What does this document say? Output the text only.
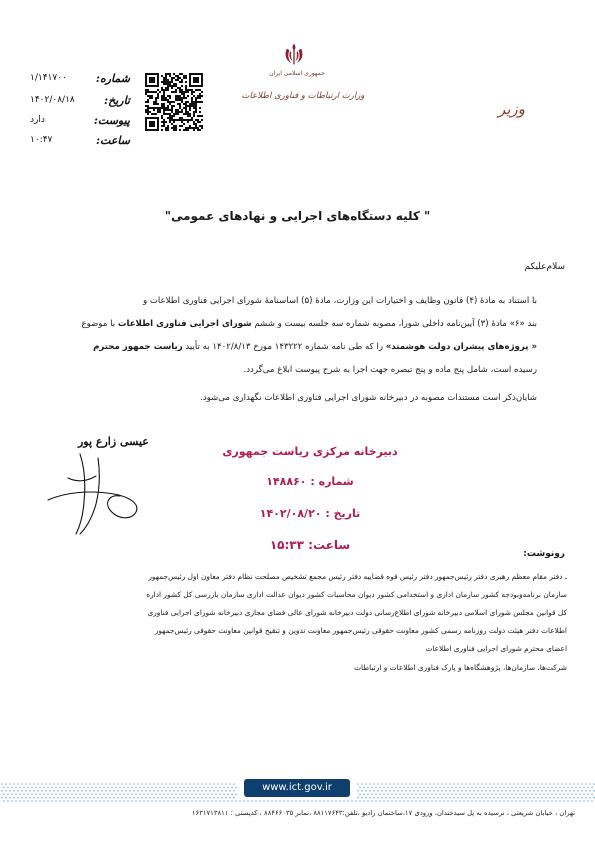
شماره:
۱/۱۴۱۷۰۰
تاریخ:
۱۴۰۲/۰۸/۱۸
پیوست:
دارد
ساعت:
۱۰:۴۷
جمهوری اسلامی ایران
وزارت ارتباطات و فناوری اطلاعات
وزیر
" کلیه دستگاه‌های اجرایی و نهادهای عمومی"
سلام‌علیکم
با استناد به مادۀ (۴) قانون وظایف و اختیارات این وزارت، مادۀ (۵) اساسنامۀ شورای اجرایی فناوری اطلاعات و
بند «۶» مادۀ (۳) آیین‌نامه داخلی شورا، مصوبه شماره سه جلسه بیست و ششم شورای اجرایی فناوری اطلاعات با موضوع
« پروژه‌های پیشران دولت هوشمند» را که طی نامه شماره ۱۴۳۲۲۲ مورخ ۱۴۰۲/۸/۱۳ به تأیید ریاست جمهور محترم
رسیده است، شامل پنج ماده و پنج تبصره جهت اجرا به شرح پیوست ابلاغ می‌گردد.
شایان‌ذکر است مستندات مصوبه در دبیرخانه شورای اجرایی فناوری اطلاعات نگهداری می‌شود.
دبیرخانه مرکزی ریاست جمهوری
شماره : ۱۴۸۸۶۰
تاریخ : ۱۴۰۲/۰۸/۲۰
ساعت: ۱۵:۳۳
عیسی زارع پور
رونوشت:
ـ دفتر مقام معظم رهبری دفتر رئیس‌جمهور دفتر رئیس قوه قضاییه دفتر رئیس مجمع تشخیص مصلحت نظام دفتر معاون اول رئیس‌جمهور
سازمان برنامه‌وبودجه کشور سازمان اداری و استخدامی کشور دیوان محاسبات کشور دیوان عدالت اداری سازمان بازرسی کل کشور اداره
کل قوانین مجلس شورای اسلامی دبیرخانه شورای اطلاع‌رسانی دولت دبیرخانه شورای عالی فضای مجازی دبیرخانه شورای اجرایی فناوری
اطلاعات دفتر هیئت دولت روزنامه رسمی کشور معاونت حقوقی رئیس‌جمهور معاونت تدوین و تنقیح قوانین معاونت حقوقی رئیس‌جمهور
اعضای محترم شورای اجرایی فناوری اطلاعات
شرکت‌ها، سازمان‌ها، پژوهشگاه‌ها و پارک فناوری اطلاعات و ارتباطات
www.ict.gov.ir
تهران ، خیابان شریعتی ، نرسیده به پل سیدخندان، ورودی ۱۷،ساختمان رادیو ،تلفن:۸۸۱۱۷۶۴۳ ،نمابر ۸۸۴۶۶۰۳۵ ، کدپستی : ۱۶۳۱۷۱۳۸۱۱
